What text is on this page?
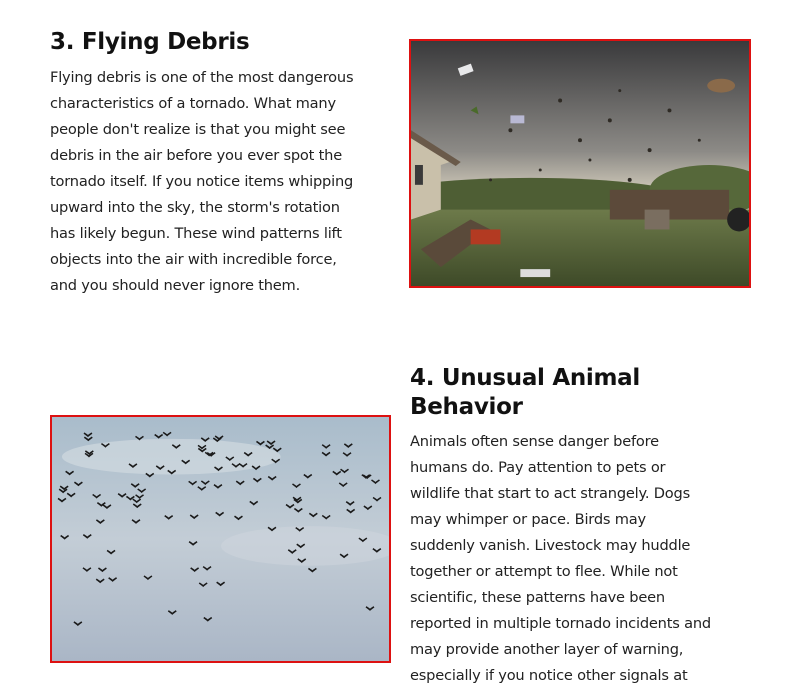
3. Flying Debris
Flying debris is one of the most dangerous
characteristics of a tornado. What many
people don't realize is that you might see
debris in the air before you ever spot the
tornado itself. If you notice items whipping
upward into the sky, the storm's rotation
has likely begun. These wind patterns lift
objects into the air with incredible force,
and you should never ignore them.
4. Unusual Animal
Behavior
Animals often sense danger before
humans do. Pay attention to pets or
wildlife that start to act strangely. Dogs
may whimper or pace. Birds may
suddenly vanish. Livestock may huddle
together or attempt to flee. While not
scientific, these patterns have been
reported in multiple tornado incidents and
may provide another layer of warning,
especially if you notice other signals at
